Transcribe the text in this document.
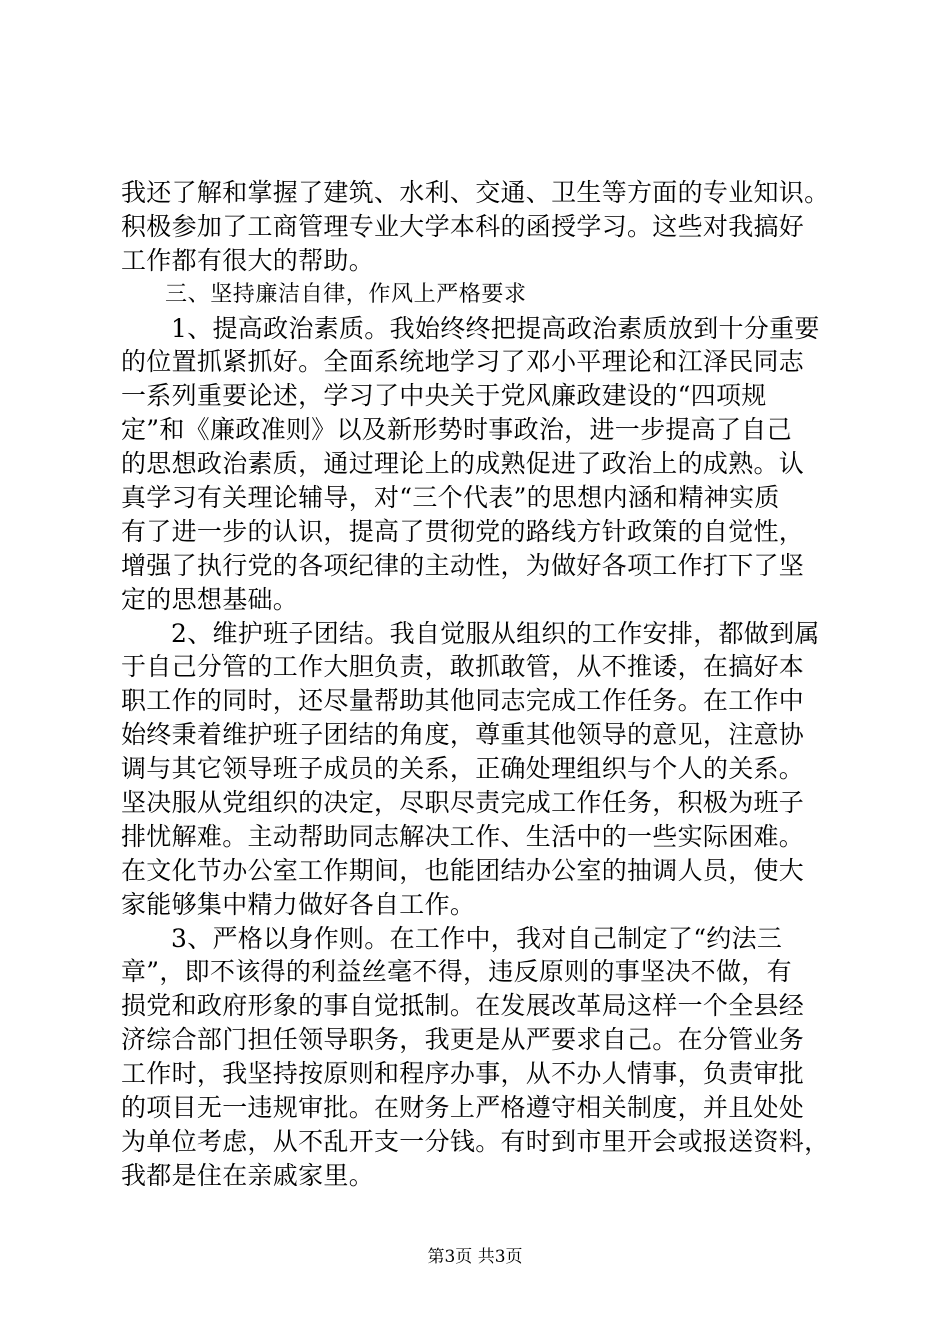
我还了解和掌握了建筑、水利、交通、卫生等方面的专业知识。
积极参加了工商管理专业大学本科的函授学习。这些对我搞好
工作都有很大的帮助。
三、坚持廉洁自律，作风上严格要求
1、提高政治素质。我始终终把提高政治素质放到十分重要
的位置抓紧抓好。全面系统地学习了邓小平理论和江泽民同志
一系列重要论述，学习了中央关于党风廉政建设的“四项规
定”和《廉政准则》以及新形势时事政治，进一步提高了自己
的思想政治素质，通过理论上的成熟促进了政治上的成熟。认
真学习有关理论辅导，对“三个代表”的思想内涵和精神实质
有了进一步的认识，提高了贯彻党的路线方针政策的自觉性，
增强了执行党的各项纪律的主动性，为做好各项工作打下了坚
定的思想基础。
2、维护班子团结。我自觉服从组织的工作安排，都做到属
于自己分管的工作大胆负责，敢抓敢管，从不推诿，在搞好本
职工作的同时，还尽量帮助其他同志完成工作任务。在工作中
始终秉着维护班子团结的角度，尊重其他领导的意见，注意协
调与其它领导班子成员的关系，正确处理组织与个人的关系。
坚决服从党组织的决定，尽职尽责完成工作任务，积极为班子
排忧解难。主动帮助同志解决工作、生活中的一些实际困难。
在文化节办公室工作期间，也能团结办公室的抽调人员，使大
家能够集中精力做好各自工作。
3、严格以身作则。在工作中，我对自己制定了“约法三
章”，即不该得的利益丝毫不得，违反原则的事坚决不做，有
损党和政府形象的事自觉抵制。在发展改革局这样一个全县经
济综合部门担任领导职务，我更是从严要求自己。在分管业务
工作时，我坚持按原则和程序办事，从不办人情事，负责审批
的项目无一违规审批。在财务上严格遵守相关制度，并且处处
为单位考虑，从不乱开支一分钱。有时到市里开会或报送资料，
我都是住在亲戚家里。
第3页 共3页
